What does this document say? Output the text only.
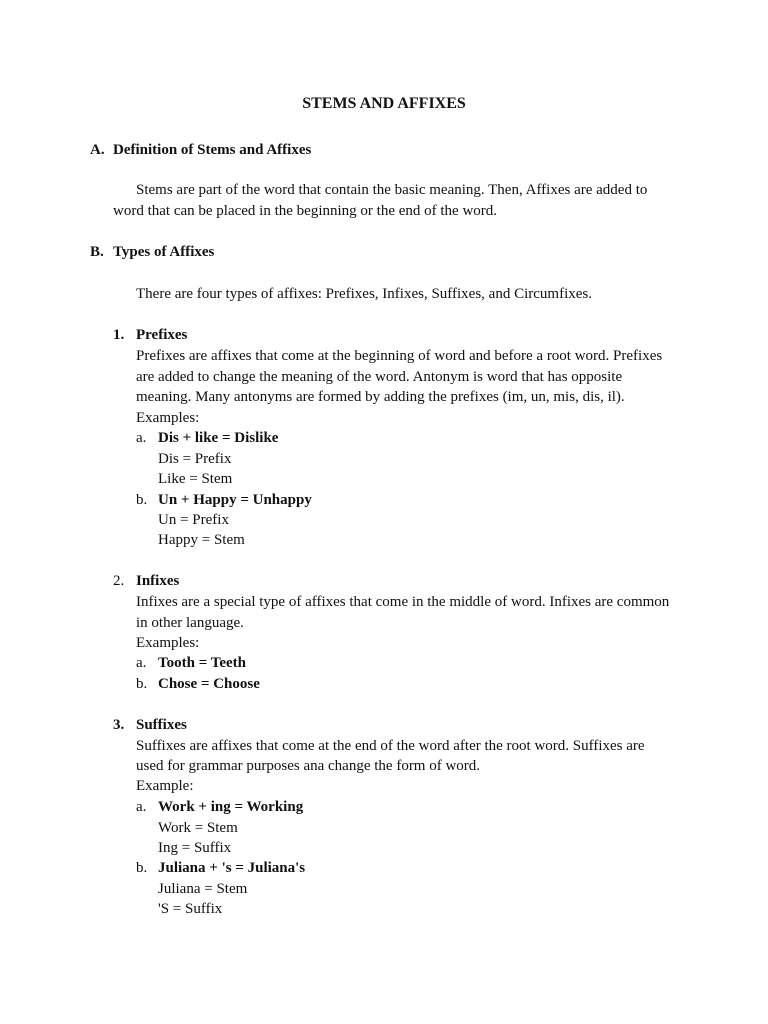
STEMS AND AFFIXES
A. Definition of Stems and Affixes
Stems are part of the word that contain the basic meaning. Then, Affixes are added to
word that can be placed in the beginning or the end of the word.
B. Types of Affixes
There are four types of affixes: Prefixes, Infixes, Suffixes, and Circumfixes.
1. Prefixes
Prefixes are affixes that come at the beginning of word and before a root word. Prefixes
are added to change the meaning of the word. Antonym is word that has opposite
meaning. Many antonyms are formed by adding the prefixes (im, un, mis, dis, il).
Examples:
a. Dis + like = Dislike
Dis = Prefix
Like = Stem
b. Un + Happy = Unhappy
Un = Prefix
Happy = Stem
2. Infixes
Infixes are a special type of affixes that come in the middle of word. Infixes are common
in other language.
Examples:
a. Tooth = Teeth
b. Chose = Choose
3. Suffixes
Suffixes are affixes that come at the end of the word after the root word. Suffixes are
used for grammar purposes ana change the form of word.
Example:
a. Work + ing = Working
Work = Stem
Ing = Suffix
b. Juliana + 's = Juliana's
Juliana = Stem
'S = Suffix
